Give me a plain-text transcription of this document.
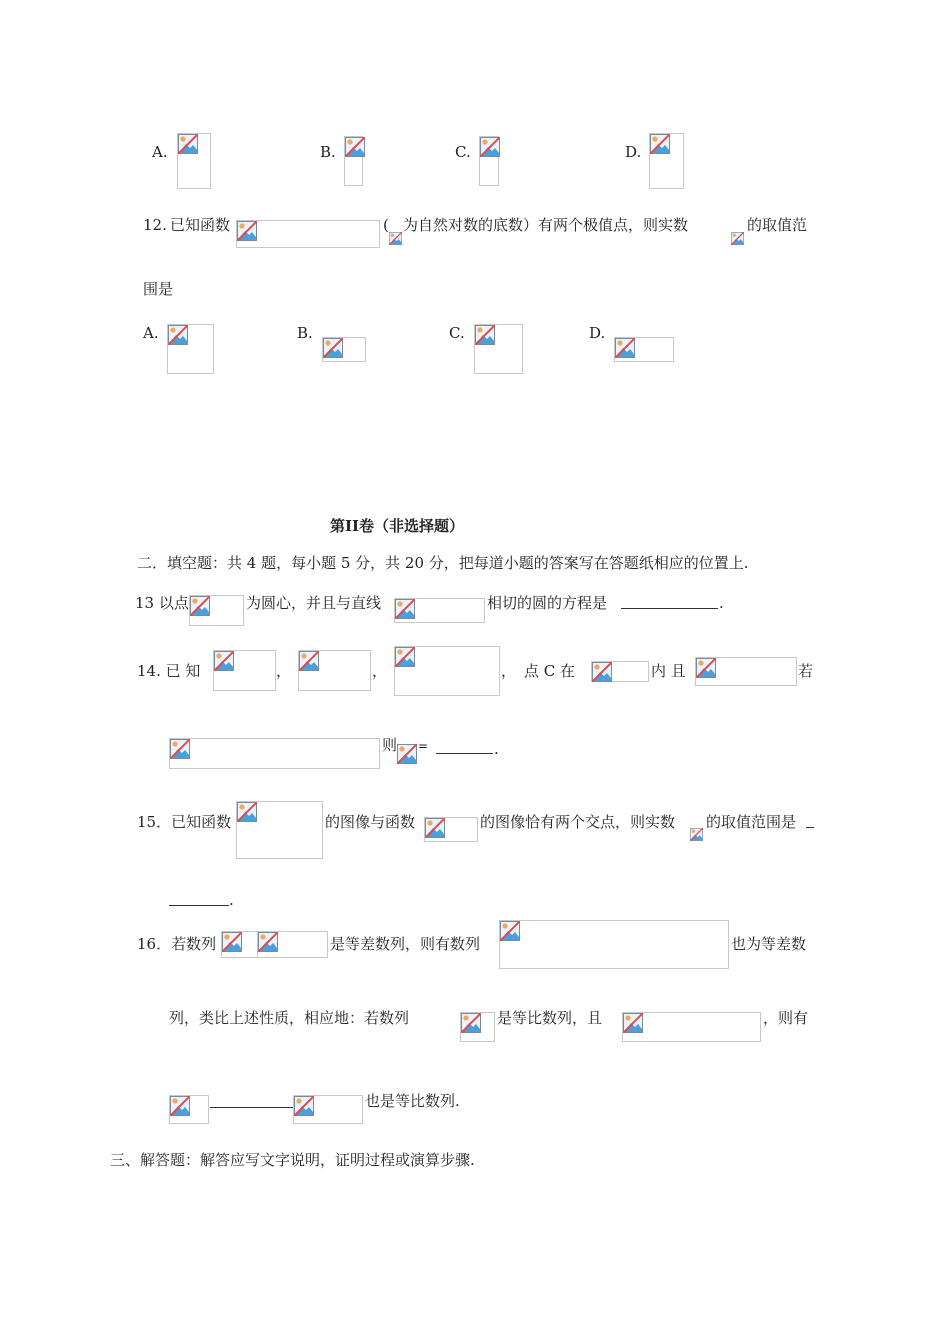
A.	B.	C.	D.
12. 已知函数	( 为自然对数的底数）有两个极值点，则实数	的取值范
围是
A.	B.	C.	D.
第II卷（非选择题）
二．填空题：共 4 题，每小题 5 分，共 20 分，把每道小题的答案写在答题纸相应的位置上.
13 以点	为圆心，并且与直线	相切的圆的方程是	.
14. 已 知	，	，	， 点 C 在	内 且	若
则 =	.
15．已知函数	的图像与函数	的图像恰有两个交点，则实数 的取值范围是
.
16．若数列	是等差数列，则有数列	也为等差数
列，类比上述性质，相应地：若数列	是等比数列，且	，则有
也是等比数列.
三、解答题：解答应写文字说明，证明过程或演算步骤.
